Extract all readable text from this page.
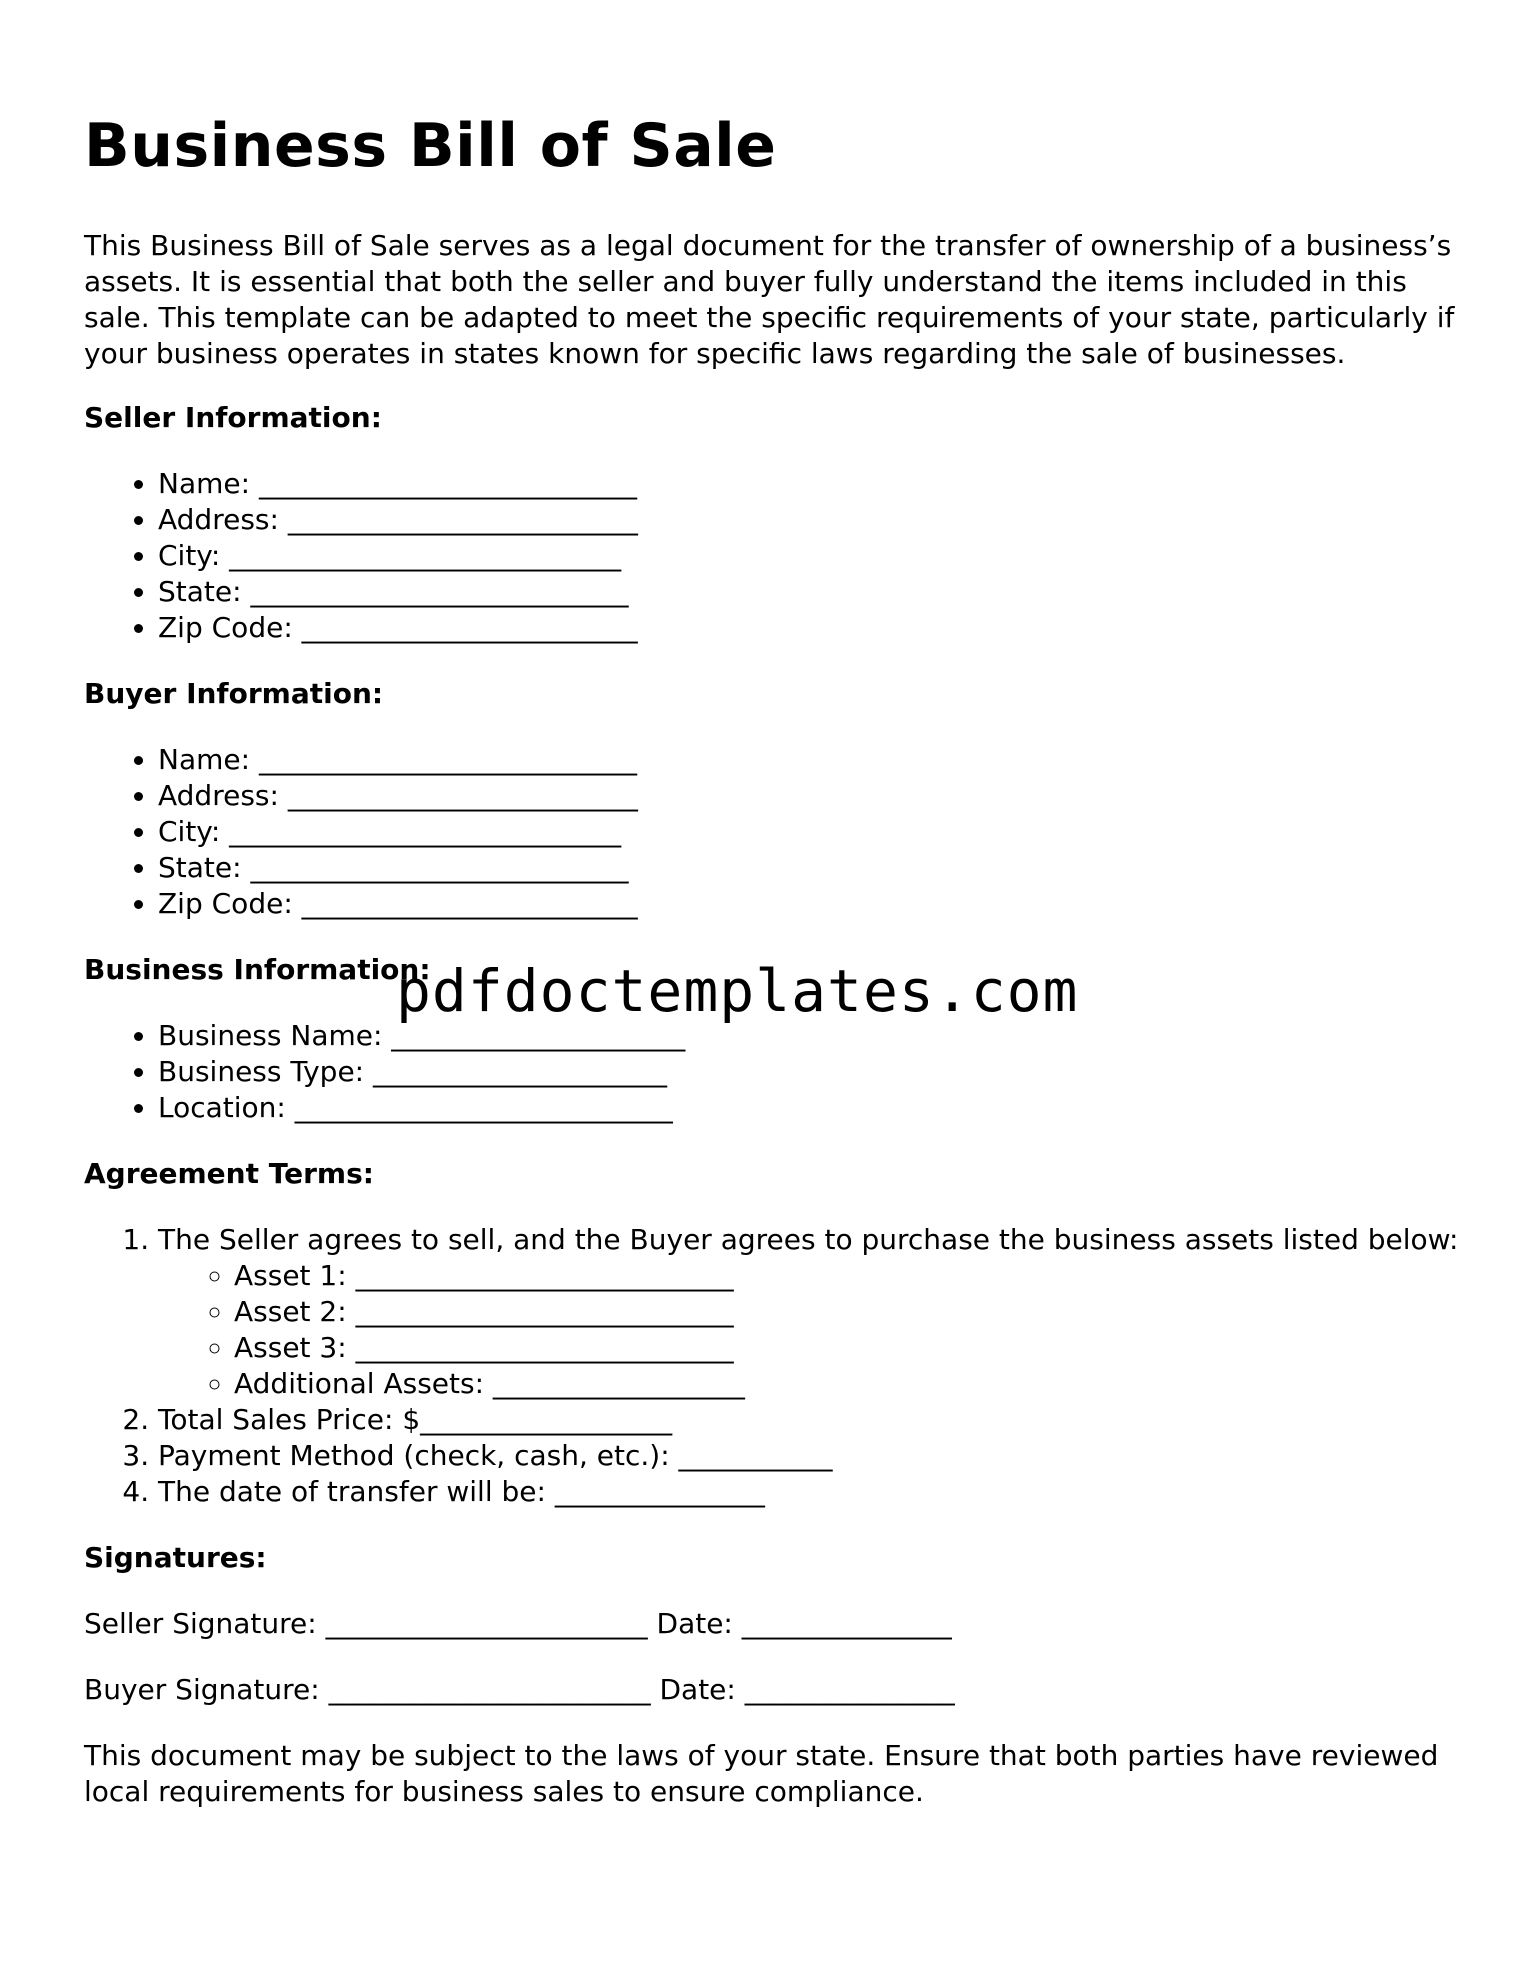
Business Bill of Sale

This Business Bill of Sale serves as a legal document for the transfer of ownership of a business’s assets. It is essential that both the seller and buyer fully understand the items included in this sale. This template can be adapted to meet the specific requirements of your state, particularly if your business operates in states known for specific laws regarding the sale of businesses.

Seller Information:
• Name: ___________________________
• Address: _________________________
• City: ____________________________
• State: ___________________________
• Zip Code: ________________________
Buyer Information:
• Name: ___________________________
• Address: _________________________
• City: ____________________________
• State: ___________________________
• Zip Code: ________________________
Business Information:
• Business Name: _____________________
• Business Type: _____________________
• Location: ___________________________
Agreement Terms:
1. The Seller agrees to sell, and the Buyer agrees to purchase the business assets listed below:
◦ Asset 1: ___________________________
◦ Asset 2: ___________________________
◦ Asset 3: ___________________________
◦ Additional Assets: __________________
2. Total Sales Price: $__________________
3. Payment Method (check, cash, etc.): ___________
4. The date of transfer will be: _______________
Signatures:

Seller Signature: _______________________ Date: _______________

Buyer Signature: _______________________ Date: _______________

This document may be subject to the laws of your state. Ensure that both parties have reviewed local requirements for business sales to ensure compliance.

pdfdoctemplates.com
